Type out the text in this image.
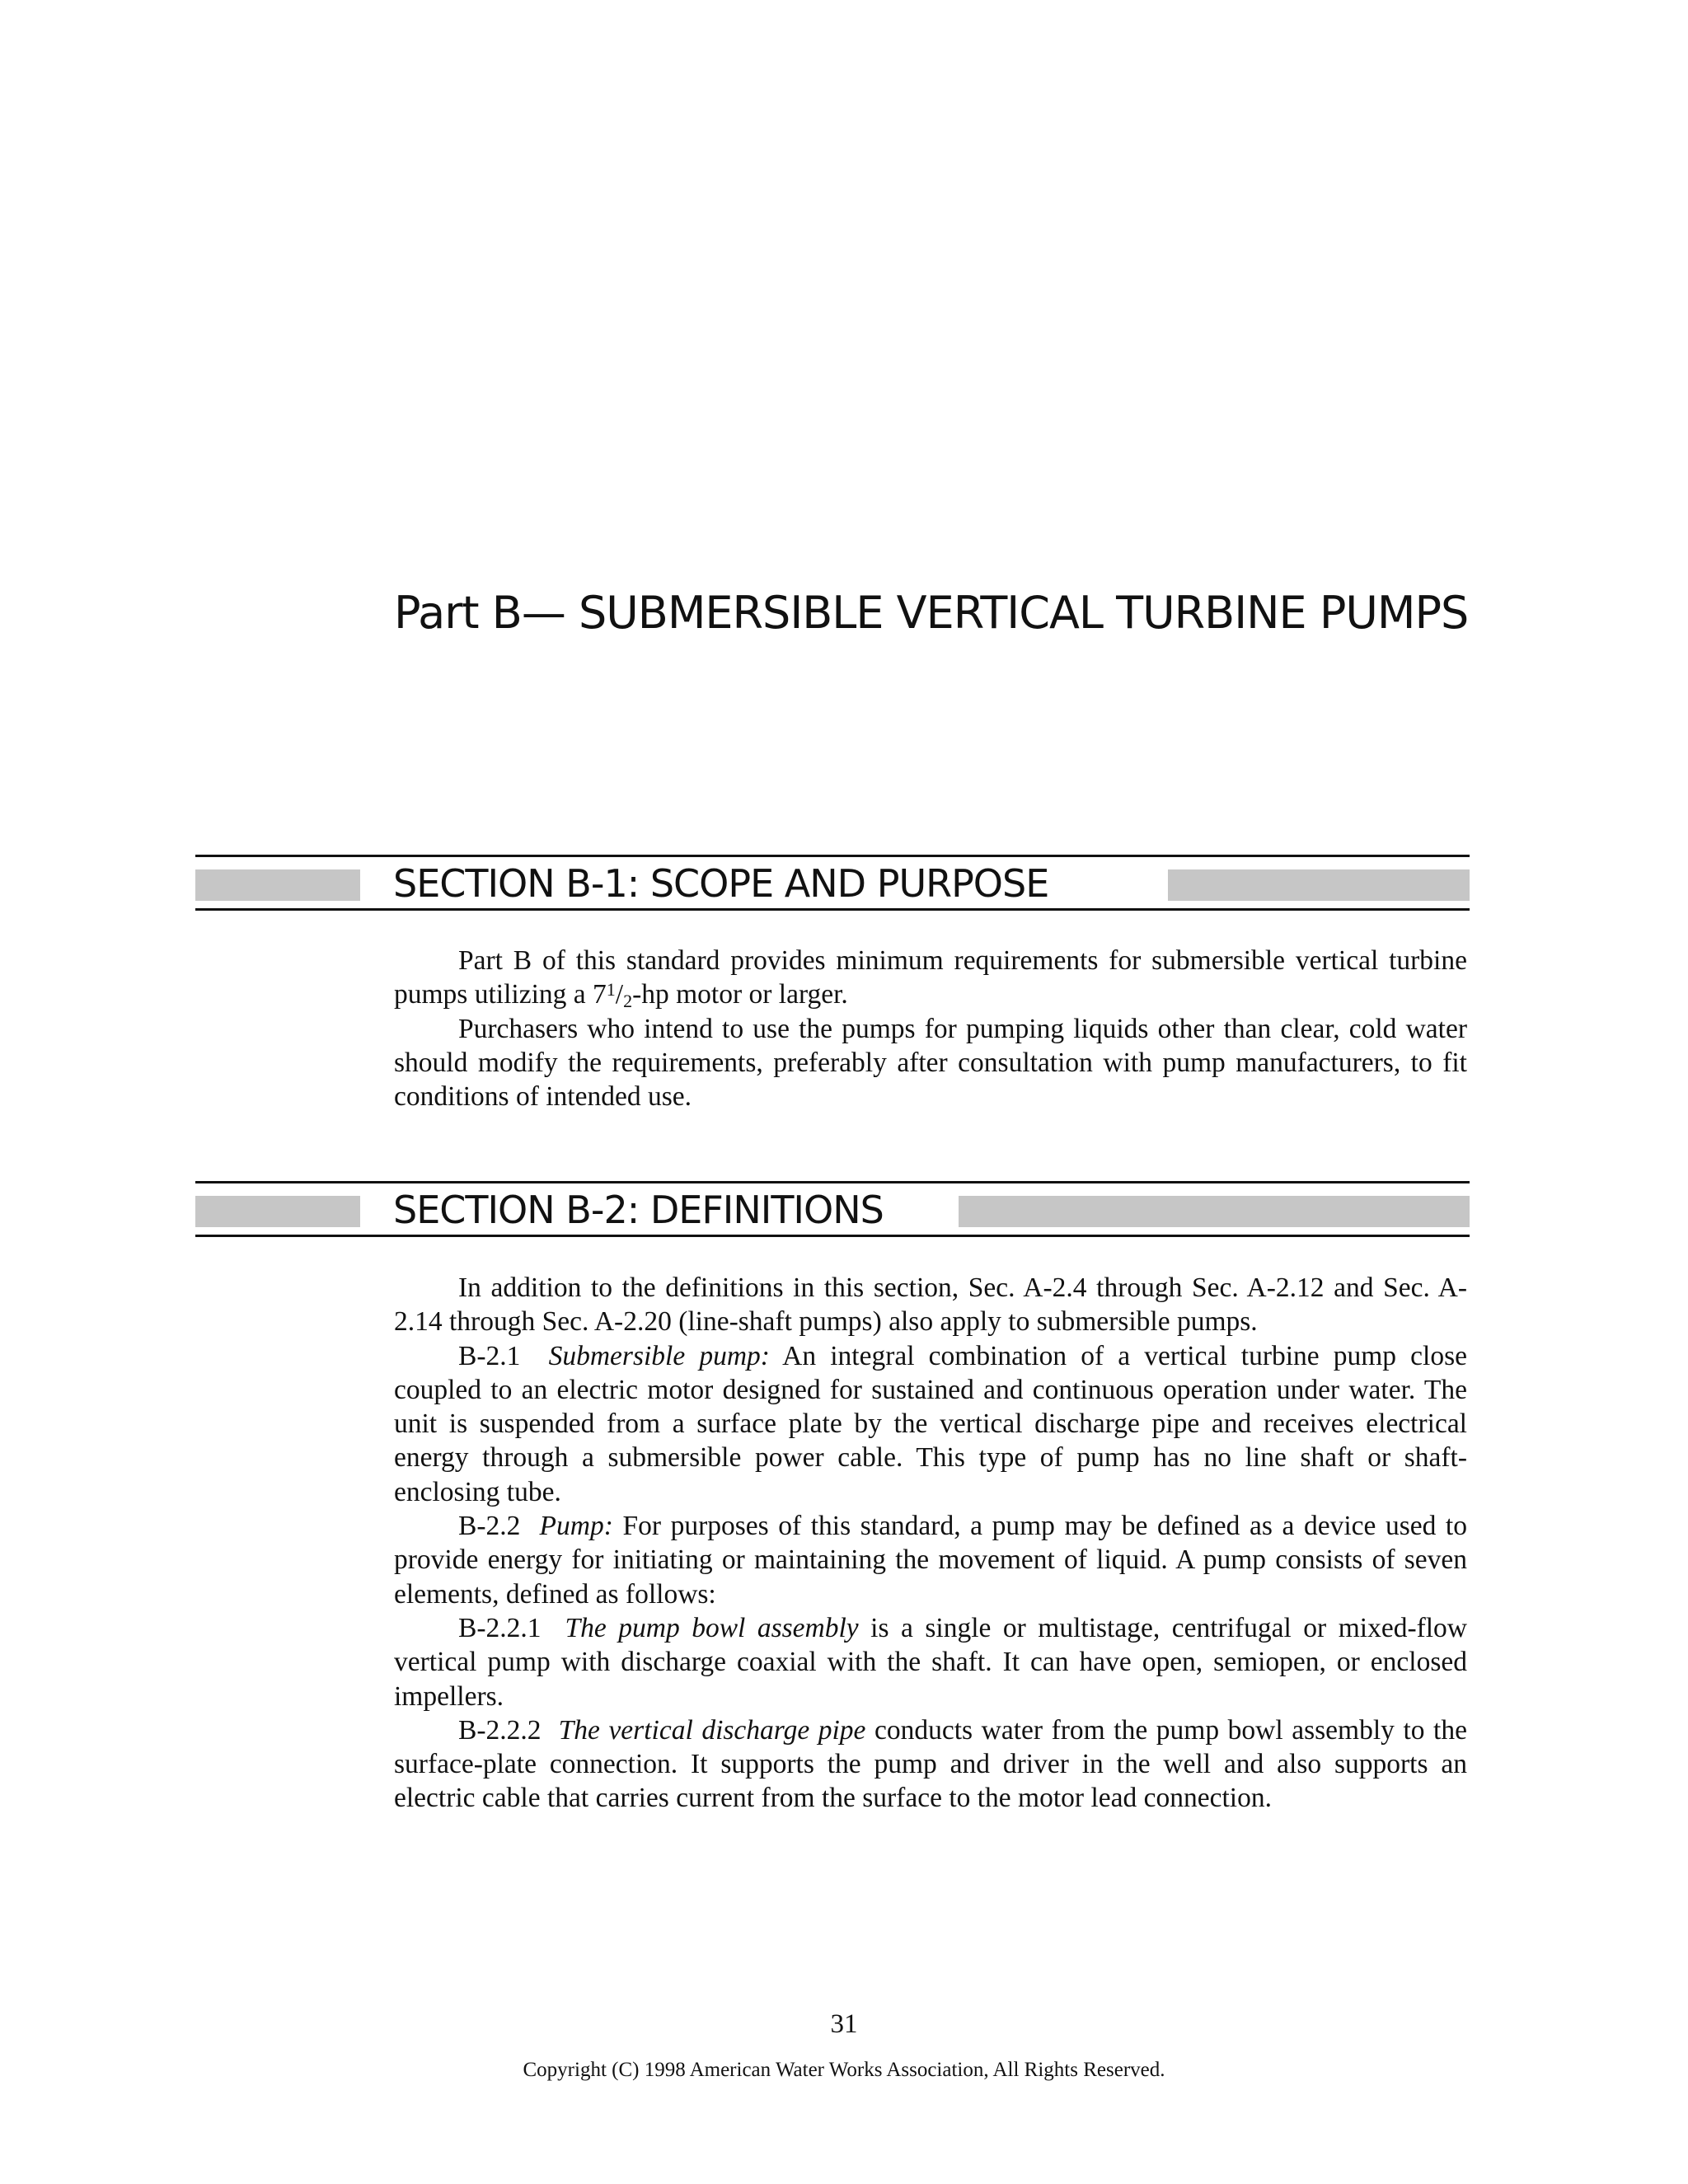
Part B— SUBMERSIBLE VERTICAL TURBINE PUMPS
SECTION B-1: SCOPE AND PURPOSE

Part B of this standard provides minimum requirements for submersible vertical turbine pumps utilizing a $7^1/_2-hp$ motor or larger.

Purchasers who intend to use the pumps for pumping liquids other than clear, cold water should modify the requirements, preferably after consultation with pump manufacturers, to fit conditions of intended use.

SECTION B-2: DEFINITIONS

In addition to the definitions in this section, Sec. A-2.4 through Sec. A-2.12 and Sec. A-2.14 through Sec. A-2.20 (line-shaft pumps) also apply to submersible pumps.

B-2.1 Submersible pump: An integral combination of a vertical turbine pump close coupled to an electric motor designed for sustained and continuous operation under water. The unit is suspended from a surface plate by the vertical discharge pipe and receives electrical energy through a submersible power cable. This type of pump has no line shaft or shaft-enclosing tube.

B-2.2 Pump: For purposes of this standard, a pump may be defined as a device used to provide energy for initiating or maintaining the movement of liquid. A pump consists of seven elements, defined as follows:

B-2.2.1 The pump bowl assembly is a single or multistage, centrifugal or mixed-flow vertical pump with discharge coaxial with the shaft. It can have open, semiopen, or enclosed impellers.

B-2.2.2 The vertical discharge pipe conducts water from the pump bowl assembly to the surface-plate connection. It supports the pump and driver in the well and also supports an electric cable that carries current from the surface to the motor lead connection.

31
Copyright (C) 1998 American Water Works Association, All Rights Reserved.
